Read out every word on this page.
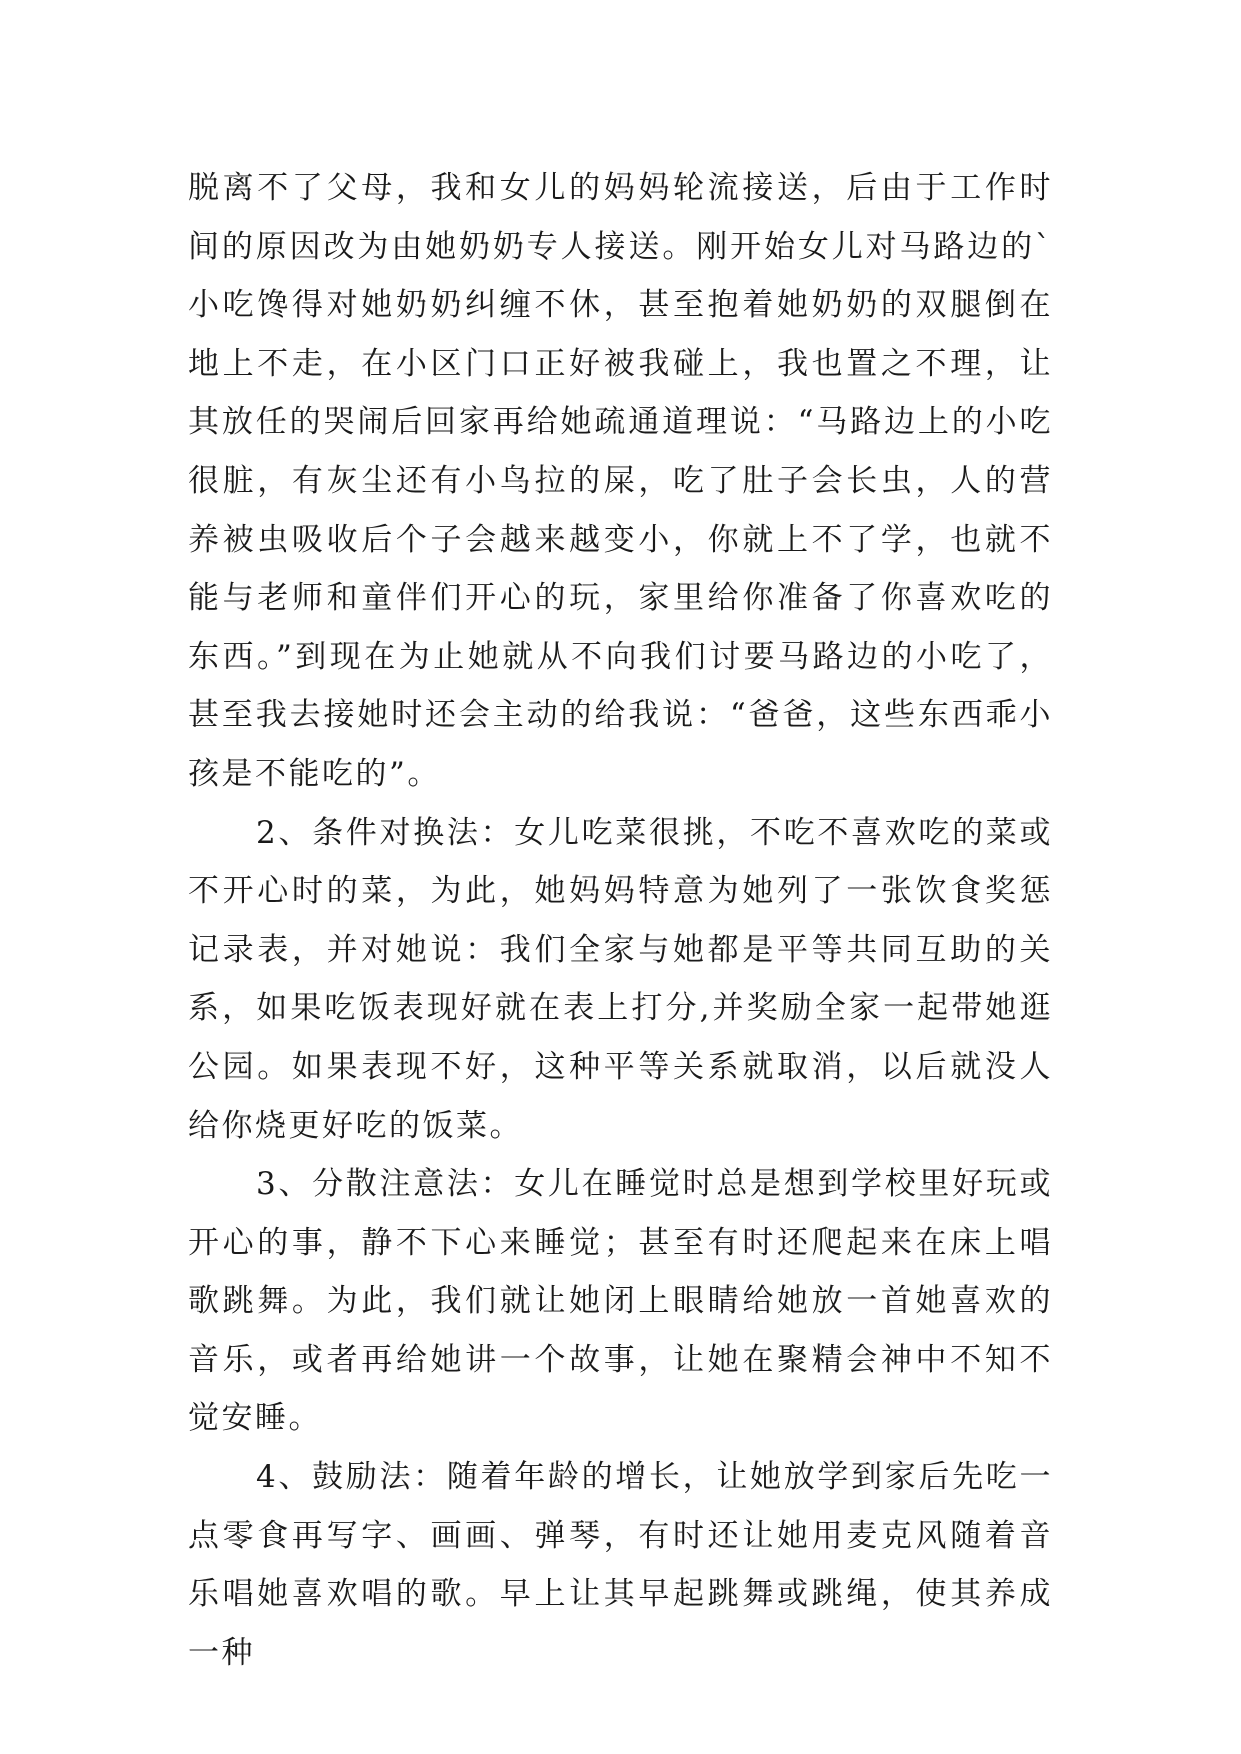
脱离不了父母，我和女儿的妈妈轮流接送，后由于工作时间的原因改为由她奶奶专人接送。刚开始女儿对马路边的`小吃馋得对她奶奶纠缠不休，甚至抱着她奶奶的双腿倒在地上不走，在小区门口正好被我碰上，我也置之不理，让其放任的哭闹后回家再给她疏通道理说：“马路边上的小吃很脏，有灰尘还有小鸟拉的屎，吃了肚子会长虫，人的营养被虫吸收后个子会越来越变小，你就上不了学，也就不能与老师和童伴们开心的玩，家里给你准备了你喜欢吃的东西。”到现在为止她就从不向我们讨要马路边的小吃了，甚至我去接她时还会主动的给我说：“爸爸，这些东西乖小孩是不能吃的”。

2、条件对换法：女儿吃菜很挑，不吃不喜欢吃的菜或不开心时的菜，为此，她妈妈特意为她列了一张饮食奖惩记录表，并对她说：我们全家与她都是平等共同互助的关系，如果吃饭表现好就在表上打分,并奖励全家一起带她逛公园。如果表现不好，这种平等关系就取消，以后就没人给你烧更好吃的饭菜。

3、分散注意法：女儿在睡觉时总是想到学校里好玩或开心的事，静不下心来睡觉；甚至有时还爬起来在床上唱歌跳舞。为此，我们就让她闭上眼睛给她放一首她喜欢的音乐，或者再给她讲一个故事，让她在聚精会神中不知不觉安睡。

4、鼓励法：随着年龄的增长，让她放学到家后先吃一点零食再写字、画画、弹琴，有时还让她用麦克风随着音乐唱她喜欢唱的歌。早上让其早起跳舞或跳绳，使其养成一种
